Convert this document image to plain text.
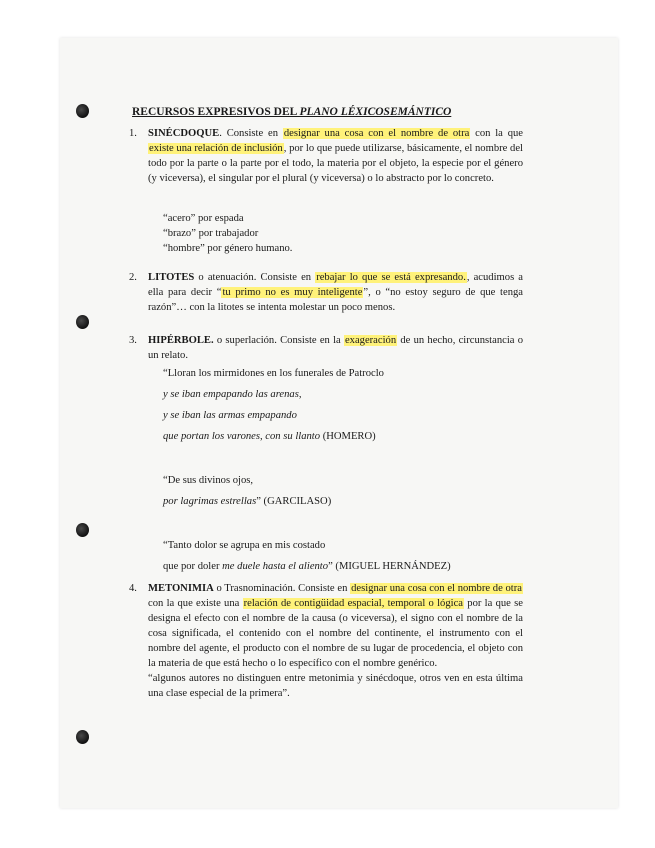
RECURSOS EXPRESIVOS DEL PLANO LÉXICOSEMÁNTICO
1. SINÉCDOQUE. Consiste en designar una cosa con el nombre de otra con la que existe una relación de inclusión, por lo que puede utilizarse, básicamente, el nombre del todo por la parte o la parte por el todo, la materia por el objeto, la especie por el género (y viceversa), el singular por el plural (y viceversa) o lo abstracto por lo concreto.
“acero” por espada
“brazo” por trabajador
“hombre” por género humano.
2. LITOTES o atenuación. Consiste en rebajar lo que se está expresando., acudimos a ella para decir “tu primo no es muy inteligente”, o “no estoy seguro de que tenga razón”… con la litotes se intenta molestar un poco menos.
3. HIPÉRBOLE. o superlación. Consiste en la exageración de un hecho, circunstancia o un relato.
“Lloran los mirmidones en los funerales de Patroclo
y se iban empapando las arenas,
y se iban las armas empapando
que portan los varones, con su llanto (HOMERO)
“De sus divinos ojos,
por lagrimas estrellas” (GARCILASO)
“Tanto dolor se agrupa en mis costado
que por doler me duele hasta el aliento” (MIGUEL HERNÁNDEZ)
4. METONIMIA o Trasnominación. Consiste en designar una cosa con el nombre de otra con la que existe una relación de contigüidad espacial, temporal o lógica por la que se designa el efecto con el nombre de la causa (o viceversa), el signo con el nombre de la cosa significada, el contenido con el nombre del continente, el instrumento con el nombre del agente, el producto con el nombre de su lugar de procedencia, el objeto con la materia de que está hecho o lo específico con el nombre genérico.
“algunos autores no distinguen entre metonimia y sinécdoque, otros ven en esta última una clase especial de la primera”.
